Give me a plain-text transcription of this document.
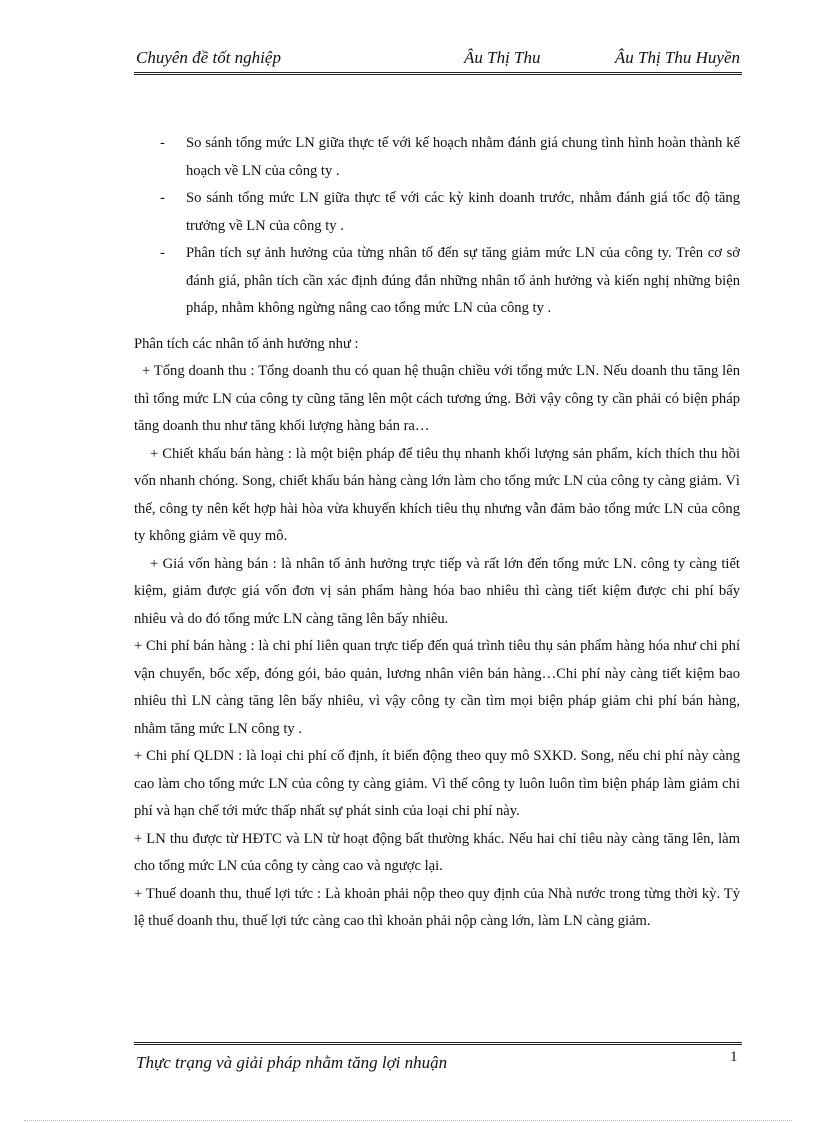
Chuyên đề tốt nghiệp	Âu Thị Thu	Âu Thị Thu Huyền
- So sánh tổng mức LN giữa thực tế với kế hoạch nhằm đánh giá chung tình hình hoàn thành kế hoạch về LN của công ty .
- So sánh tổng mức LN giữa thực tế với các kỳ kinh doanh trước, nhằm đánh giá tốc độ tăng trưởng về LN của công ty .
- Phân tích sự ảnh hưởng của từng nhân tố đến sự tăng giảm mức LN của công ty. Trên cơ sở đánh giá, phân tích cần xác định đúng đắn những nhân tố ảnh hưởng và kiến nghị những biện pháp, nhằm không ngừng nâng cao tổng mức LN của công ty .

Phân tích các nhân tố ảnh hưởng như :

+ Tổng doanh thu : Tổng doanh thu có quan hệ thuận chiều với tổng mức LN. Nếu doanh thu tăng lên thì tổng mức LN của công ty cũng tăng lên một cách tương ứng. Bởi vậy công ty cần phải có biện pháp tăng doanh thu như tăng khối lượng hàng bán ra…

+ Chiết khấu bán hàng : là một biện pháp để tiêu thụ nhanh khối lượng sản phẩm, kích thích thu hồi vốn nhanh chóng. Song, chiết khấu bán hàng càng lớn làm cho tổng mức LN của công ty càng giảm. Vì thế, công ty nên kết hợp hài hòa vừa khuyến khích tiêu thụ nhưng vẫn đảm bảo tổng mức LN của công ty không giảm về quy mô.

+ Giá vốn hàng bán : là nhân tố ảnh hưởng trực tiếp và rất lớn đến tổng mức LN. công ty càng tiết kiệm, giảm được giá vốn đơn vị sản phẩm hàng hóa bao nhiêu thì càng tiết kiệm được chi phí bấy nhiêu và do đó tổng mức LN càng tăng lên bấy nhiêu.

+ Chi phí bán hàng : là chi phí liên quan trực tiếp đến quá trình tiêu thụ sản phẩm hàng hóa như chi phí vận chuyển, bốc xếp, đóng gói, bảo quản, lương nhân viên bán hàng…Chi phí này càng tiết kiệm bao nhiêu thì LN càng tăng lên bấy nhiêu, vì vậy công ty cần tìm mọi biện pháp giảm chi phí bán hàng, nhằm tăng mức LN công ty .

+ Chi phí QLDN : là loại chi phí cố định, ít biến động theo quy mô SXKD. Song, nếu chi phí này càng cao làm cho tổng mức LN của công ty càng giảm. Vì thế công ty luôn luôn tìm biện pháp làm giảm chi phí và hạn chế tới mức thấp nhất sự phát sinh của loại chi phí này.

+ LN thu được từ HĐTC và LN từ hoạt động bất thường khác. Nếu hai chỉ tiêu này càng tăng lên, làm cho tổng mức LN của công ty càng cao và ngược lại.

+ Thuế doanh thu, thuế lợi tức : Là khoản phải nộp theo quy định của Nhà nước trong từng thời kỳ. Tỷ lệ thuế doanh thu, thuế lợi tức càng cao thì khoản phải nộp càng lớn, làm LN càng giảm.

Thực trạng và giải pháp nhằm tăng lợi nhuận	1
